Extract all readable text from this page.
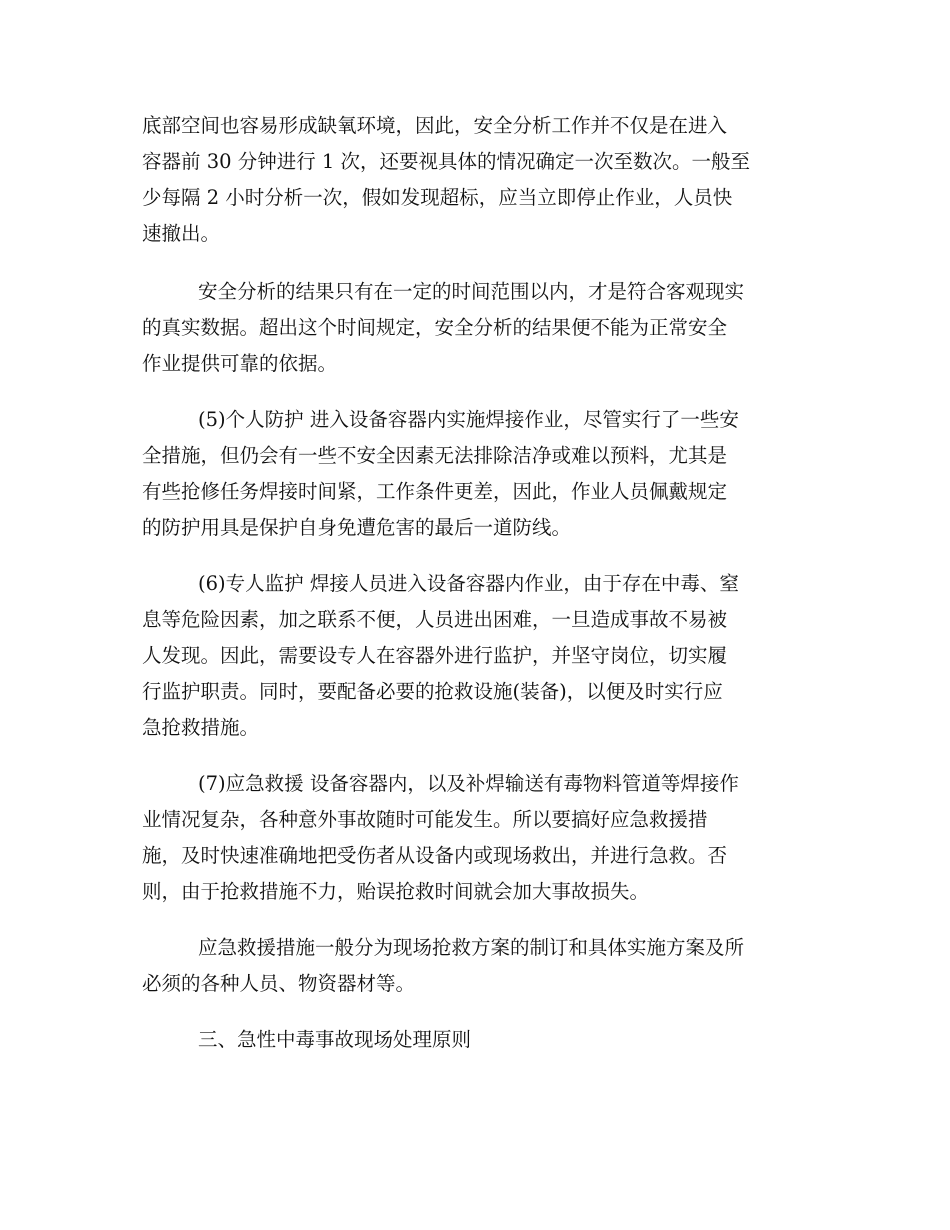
底部空间也容易形成缺氧环境，因此，安全分析工作并不仅是在进入

容器前 30 分钟进行 1 次，还要视具体的情况确定一次至数次。一般至

少每隔 2 小时分析一次，假如发现超标，应当立即停止作业，人员快

速撤出。

安全分析的结果只有在一定的时间范围以内，才是符合客观现实

的真实数据。超出这个时间规定，安全分析的结果便不能为正常安全

作业提供可靠的依据。

(5)个人防护 进入设备容器内实施焊接作业，尽管实行了一些安

全措施，但仍会有一些不安全因素无法排除洁净或难以预料，尤其是

有些抢修任务焊接时间紧，工作条件更差，因此，作业人员佩戴规定

的防护用具是保护自身免遭危害的最后一道防线。

(6)专人监护 焊接人员进入设备容器内作业，由于存在中毒、窒

息等危险因素，加之联系不便，人员进出困难，一旦造成事故不易被

人发现。因此，需要设专人在容器外进行监护，并坚守岗位，切实履

行监护职责。同时，要配备必要的抢救设施(装备)，以便及时实行应

急抢救措施。

(7)应急救援 设备容器内，以及补焊输送有毒物料管道等焊接作

业情况复杂，各种意外事故随时可能发生。所以要搞好应急救援措

施，及时快速准确地把受伤者从设备内或现场救出，并进行急救。否

则，由于抢救措施不力，贻误抢救时间就会加大事故损失。

应急救援措施一般分为现场抢救方案的制订和具体实施方案及所

必须的各种人员、物资器材等。

三、急性中毒事故现场处理原则
